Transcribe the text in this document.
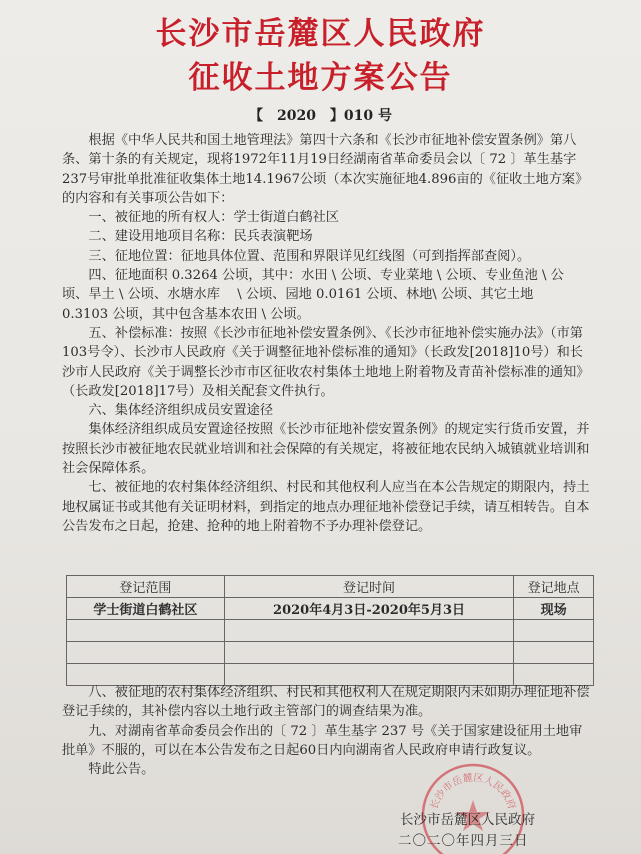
长沙市岳麓区人民政府
征收土地方案公告
【　2020　】010 号

根据《中华人民共和国土地管理法》第四十六条和《长沙市征地补偿安置条例》第八条、第十条的有关规定，现将1972年11月19日经湖南省革命委员会以〔 72 〕革生基字 237号审批单批准征收集体土地14.1967公顷（本次实施征地4.896亩的《征收土地方案》的内容和有关事项公告如下：

一、被征地的所有权人：学士街道白鹤社区

二、建设用地项目名称：民兵表演靶场

三、征地位置：征地具体位置、范围和界限详见红线图（可到指挥部查阅）。

四、征地面积 0.3264 公顷，其中：水田 \ 公顷、专业菜地 \ 公顷、专业鱼池 \ 公顷、旱土 \ 公顷、水塘水库 　\ 公顷、园地 0.0161 公顷、林地\ 公顷、其它土地　 0.3103 公顷，其中包含基本农田 \ 公顷。

五、补偿标准：按照《长沙市征地补偿安置条例》、《长沙市征地补偿实施办法》（市第103号令）、长沙市人民政府《关于调整征地补偿标准的通知》（长政发[2018]10号）和长沙市人民政府《关于调整长沙市市区征收农村集体土地地上附着物及青苗补偿标准的通知》（长政发[2018]17号）及相关配套文件执行。

六、集体经济组织成员安置途径

集体经济组织成员安置途径按照《长沙市征地补偿安置条例》的规定实行货币安置，并按照长沙市被征地农民就业培训和社会保障的有关规定，将被征地农民纳入城镇就业培训和社会保障体系。

七、被征地的农村集体经济组织、村民和其他权利人应当在本公告规定的期限内，持土地权属证书或其他有关证明材料，到指定的地点办理征地补偿登记手续，请互相转告。自本公告发布之日起，抢建、抢种的地上附着物不予办理补偿登记。

登记范围	登记时间	登记地点
学士街道白鹤社区	2020年4月3日-2020年5月3日	现场

八、被征地的农村集体经济组织、村民和其他权利人在规定期限内未如期办理征地补偿登记手续的，其补偿内容以土地行政主管部门的调查结果为准。

九、对湖南省革命委员会作出的〔 72 〕革生基字 237 号《关于国家建设征用土地审批单》不服的，可以在本公告发布之日起60日内向湖南省人民政府申请行政复议。

特此公告。

长沙市岳麓区人民政府
长沙市岳麓区人民政府
二〇二〇年四月三日
